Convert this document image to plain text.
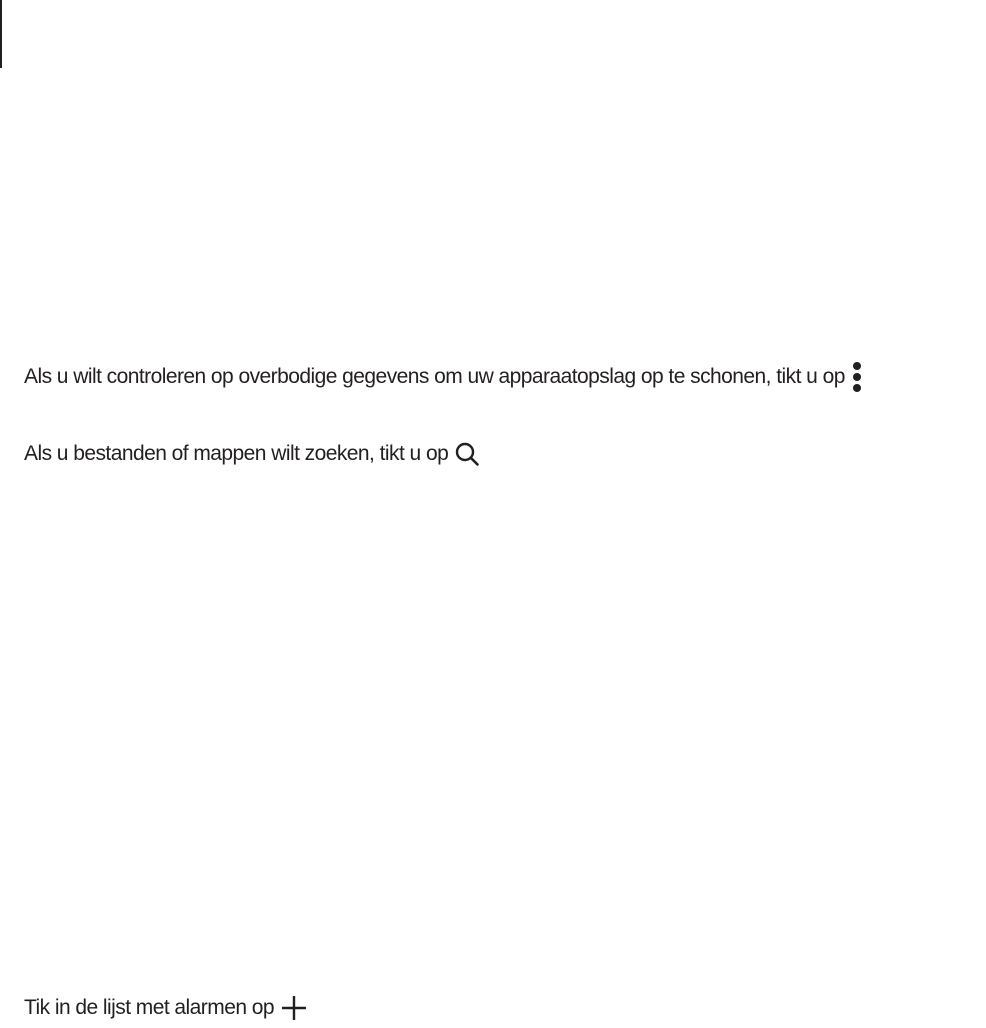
Als u wilt controleren op overbodige gegevens om uw apparaatopslag op te schonen, tikt u op

Als u bestanden of mappen wilt zoeken, tikt u op

Tik in de lijst met alarmen op
